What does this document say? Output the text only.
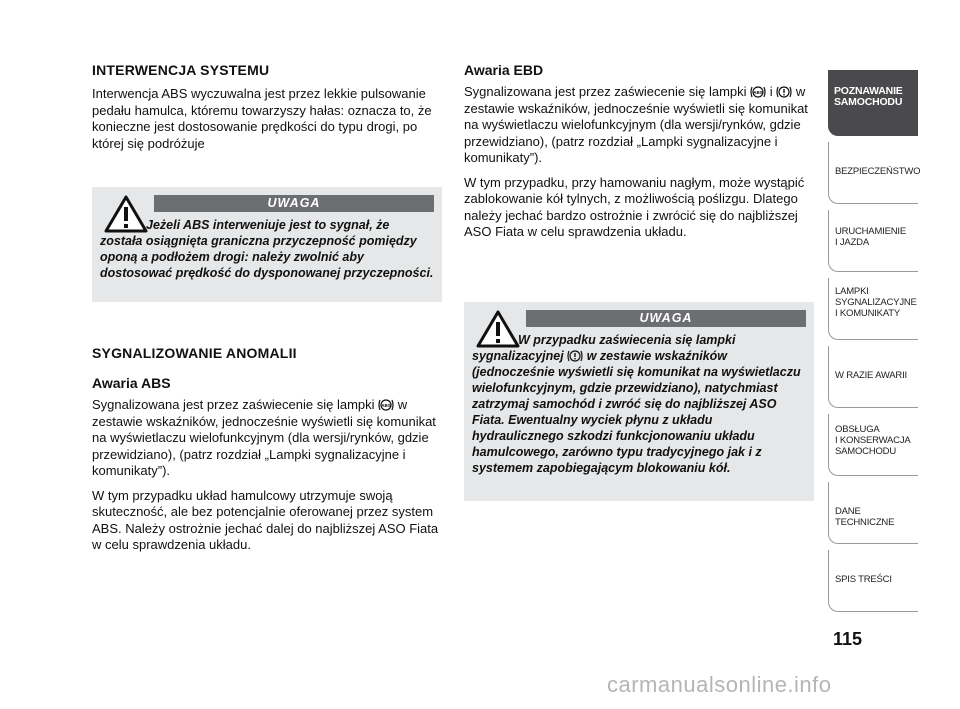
INTERWENCJA SYSTEMU
Interwencja ABS wyczuwalna jest przez lekkie pulsowanie pedału hamulca, któremu towarzyszy hałas: oznacza to, że konieczne jest dostosowanie prędkości do typu drogi, po której się podróżuje
UWAGA
Jeżeli ABS interweniuje jest to sygnał, że została osiągnięta graniczna przyczepność pomiędzy oponą a podłożem drogi: należy zwolnić aby dostosować prędkość do dysponowanej przyczepności.
SYGNALIZOWANIE ANOMALII
Awaria ABS
Sygnalizowana jest przez zaświecenie się lampki ABS w zestawie wskaźników, jednocześnie wyświetli się komunikat na wyświetlaczu wielofunkcyjnym (dla wersji/rynków, gdzie przewidziano), (patrz rozdział „Lampki sygnalizacyjne i komunikaty”).
W tym przypadku układ hamulcowy utrzymuje swoją skuteczność, ale bez potencjalnie oferowanej przez system ABS. Należy ostrożnie jechać dalej do najbliższej ASO Fiata w celu sprawdzenia układu.
Awaria EBD
Sygnalizowana jest przez zaświecenie się lampki ABS i w zestawie wskaźników, jednocześnie wyświetli się komunikat na wyświetlaczu wielofunkcyjnym (dla wersji/rynków, gdzie przewidziano), (patrz rozdział „Lampki sygnalizacyjne i komunikaty”).
W tym przypadku, przy hamowaniu nagłym, może wystąpić zablokowanie kół tylnych, z możliwością poślizgu. Dlatego należy jechać bardzo ostrożnie i zwrócić się do najbliższej ASO Fiata w celu sprawdzenia układu.
UWAGA
W przypadku zaświecenia się lampki sygnalizacyjnej w zestawie wskaźników (jednocześnie wyświetli się komunikat na wyświetlaczu wielofunkcyjnym, gdzie przewidziano), natychmiast zatrzymaj samochód i zwróć się do najbliższej ASO Fiata. Ewentualny wyciek płynu z układu hydraulicznego szkodzi funkcjonowaniu układu hamulcowego, zarówno typu tradycyjnego jak i z systemem zapobiegającym blokowaniu kół.
POZNAWANIE
SAMOCHODU
BEZPIECZEŃSTWO
URUCHAMIENIE
I JAZDA
LAMPKI
SYGNALIZACYJNE
I KOMUNIKATY
W RAZIE AWARII
OBSŁUGA
I KONSERWACJA
SAMOCHODU
DANE TECHNICZNE
SPIS TREŚCI
115
carmanualsonline.info
